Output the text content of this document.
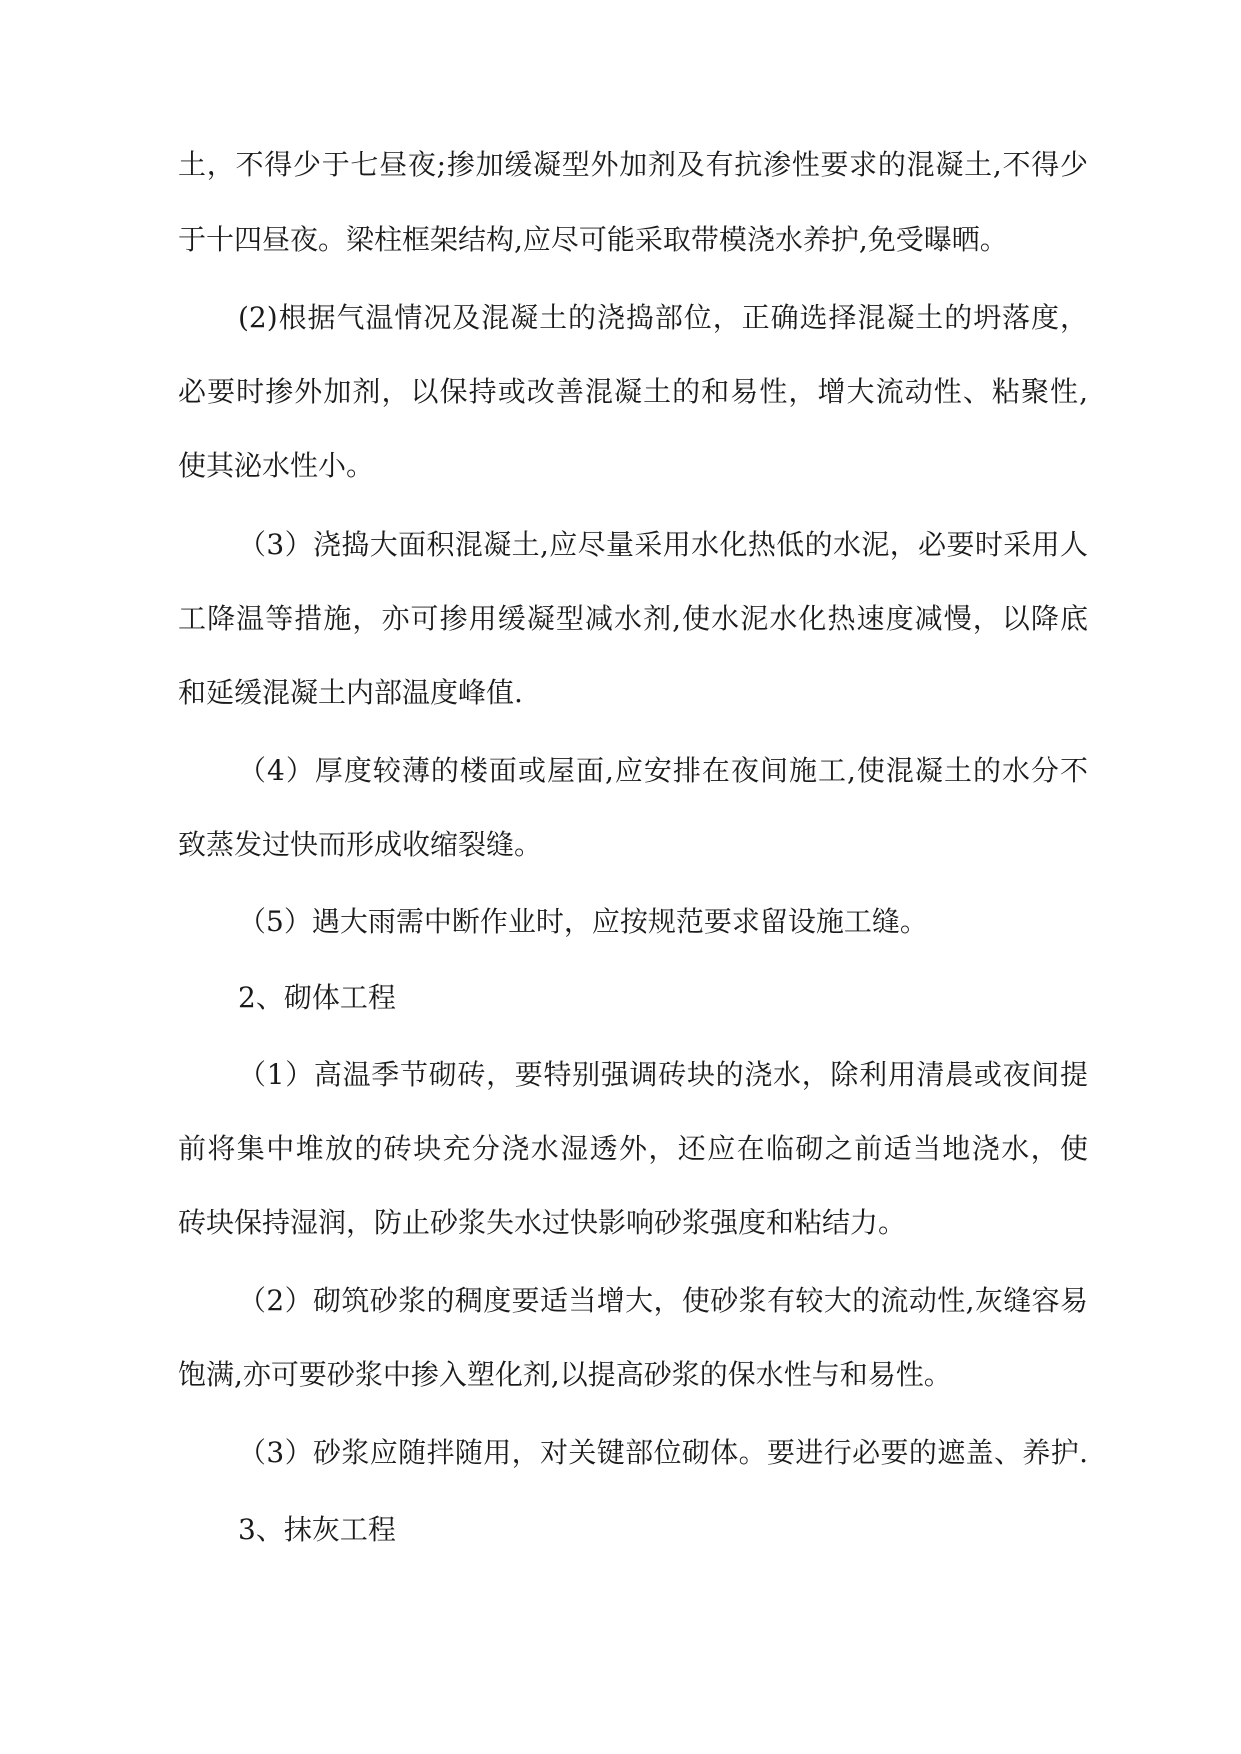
土，不得少于七昼夜;掺加缓凝型外加剂及有抗渗性要求的混凝土,不得少
于十四昼夜。梁柱框架结构,应尽可能采取带模浇水养护,免受曝晒。
(2)根据气温情况及混凝土的浇捣部位，正确选择混凝土的坍落度，
必要时掺外加剂，以保持或改善混凝土的和易性，增大流动性、粘聚性,
使其泌水性小。
（3）浇捣大面积混凝土,应尽量采用水化热低的水泥，必要时采用人
工降温等措施，亦可掺用缓凝型减水剂,使水泥水化热速度减慢，以降底
和延缓混凝土内部温度峰值.
（4）厚度较薄的楼面或屋面,应安排在夜间施工,使混凝土的水分不
致蒸发过快而形成收缩裂缝。
（5）遇大雨需中断作业时，应按规范要求留设施工缝。
2、砌体工程
（1）高温季节砌砖，要特别强调砖块的浇水，除利用清晨或夜间提
前将集中堆放的砖块充分浇水湿透外，还应在临砌之前适当地浇水，使
砖块保持湿润，防止砂浆失水过快影响砂浆强度和粘结力。
（2）砌筑砂浆的稠度要适当增大，使砂浆有较大的流动性,灰缝容易
饱满,亦可要砂浆中掺入塑化剂,以提高砂浆的保水性与和易性。
（3）砂浆应随拌随用，对关键部位砌体。要进行必要的遮盖、养护.
3、抹灰工程
